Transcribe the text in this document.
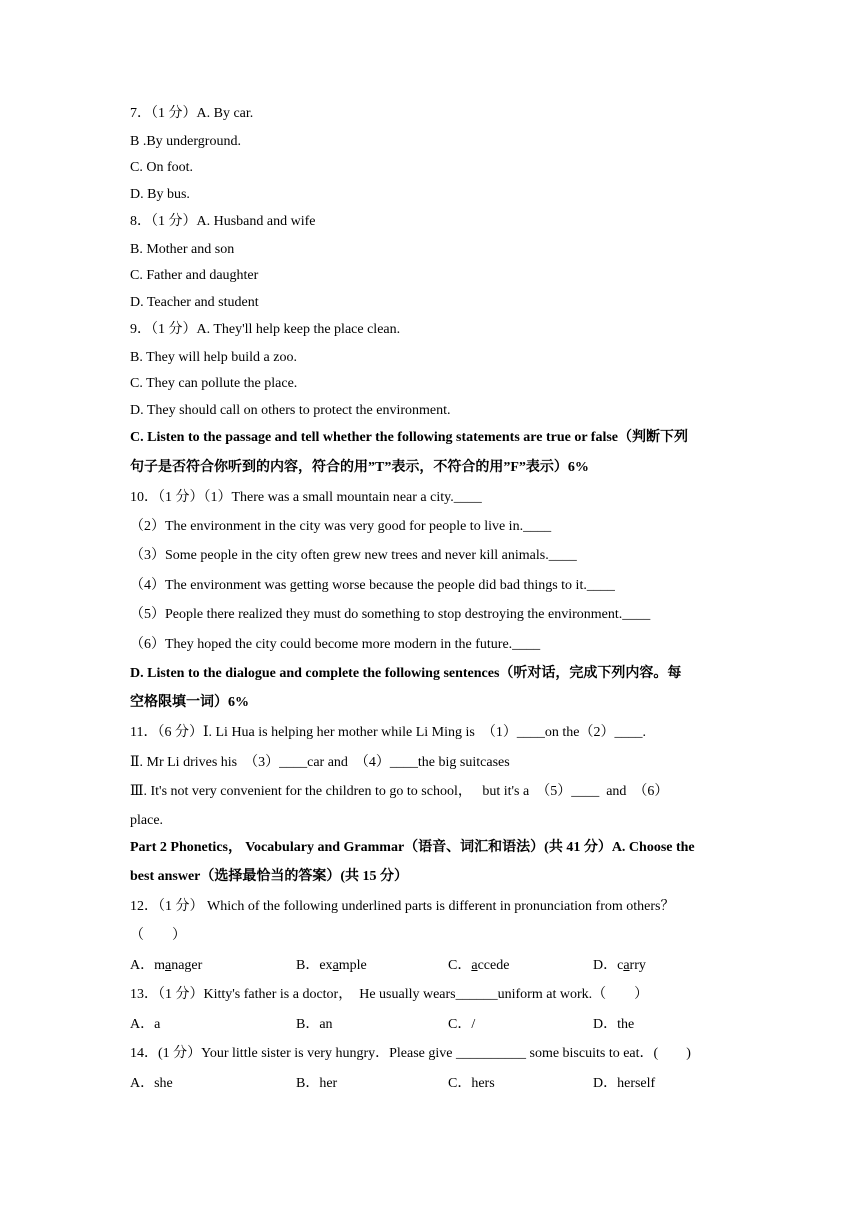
7．（1 分）A. By car.

B .By underground.

C. On foot.

D. By bus.

8．（1 分）A. Husband and wife

B. Mother and son

C. Father and daughter

D. Teacher and student

9．（1 分）A. They'll help keep the place clean.

B. They will help build a zoo.

C. They can pollute the place.

D. They should call on others to protect the environment.

C. Listen to the passage and tell whether the following statements are true or false（判断下列

句子是否符合你听到的内容，符合的用”T”表示，不符合的用”F”表示）6%

10．（1 分）（1）There was a small mountain near a city.____

（2）The environment in the city was very good for people to live in.____

（3）Some people in the city often grew new trees and never kill animals.____

（4）The environment was getting worse because the people did bad things to it.____

（5）People there realized they must do something to stop destroying the environment.____

（6）They hoped the city could become more modern in the future.____

D. Listen to the dialogue and complete the following sentences（听对话，完成下列内容。每

空格限填一词）6%

11．（6 分）Ⅰ. Li Hua is helping her mother while Li Ming is  （1）____on the（2）____.

Ⅱ. Mr Li drives his  （3）____car and  （4）____the big suitcases

Ⅲ. It's not very convenient for the children to go to school，   but it's a  （5）____  and  （6）

place.

Part 2 Phonetics， Vocabulary and Grammar（语音、词汇和语法）(共 41 分）A. Choose the

best answer（选择最恰当的答案）(共 15 分）

12．（1 分） Which of the following underlined parts is different in pronunciation from others？

（　　）

A．manager	B．example	C．accede	D．carry

13．（1 分）Kitty's father is a doctor，  He usually wears______uniform at work.（　　）

A．a	B．an	C．/	D．the

14．(1 分）Your little sister is very hungry．Please give __________ some biscuits to eat．(　　)

A．she	B．her	C．hers	D．herself
